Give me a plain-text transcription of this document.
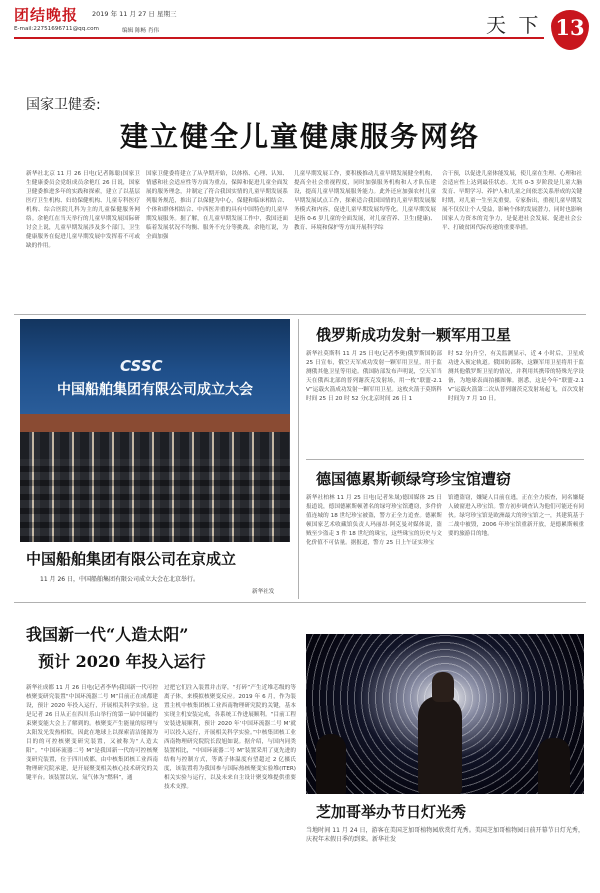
团结晚报 2019 年 11 月 27 日 星期三
E-mail:22751696711@qq.com	编辑 陈畅 肖伟	天 下 13
国家卫健委:
建立健全儿童健康服务网络
新华社北京 11 月 26 日电(记者陈聪)国家卫生健康委员会党组成员余艳红 26 日说，国家卫健委推进多年的实践和探索，建立了以基层医疗卫生机构、妇幼保健机构、儿童专科医疗机构、综合医院儿科为主的儿童保健服务网络。余艳红在当天举行的儿童早期发展国际研讨会上说，儿童早期发展涉及多个部门，卫生健康服务在促进儿童早期发展中发挥着不可或缺的作用。
国家卫健委将建立了从孕期开始，以体格、心理、认知、情感和社会适应性等方面为重点，保障和促进儿童全面发展的服务理念，并制定了符合我国实情的儿童早期发展系列服务规范，推出了以保健为中心，保健和临床相结合、个体和群体相结合、中西医并重的具有中国特色的儿童早期发展服务。据了解，在儿童早期发展工作中，我国还面临着发展状况不均衡、服务不充分等挑战。余艳红说，为全面加强
儿童早期发展工作，要积极推动儿童早期发展健全机构，提高全社会重视程度，同时加强服务机构和人才队伍建设，提高儿童早期发展服务能力。此外还应加强农村儿童早期发展试点工作，探索适合我国国情的儿童早期发展服务模式和内容，促进儿童早期发展均等化。儿童早期发展是指 0-6 岁儿童的全面发展，对儿童营养、卫生(健康)、教育、环境和保护等方面开展科学综
合干预，以促进儿童体能发展，使儿童在生理、心理和社会适应性上达到最佳状态。尤其 0-3 岁阶段是儿童大脑发育、早期学习、养护人和儿童之间依恋关系形成的关键时期，对儿童一生至关重要。专家指出，重视儿童早期发展不仅仅让个人受益，影响个体的发展潜力，同时也影响国家人力资本的竞争力，是促进社会发展、促进社会公平、打破贫困代际传递的重要举措。
CSSC
中国船舶集团有限公司成立大会
中国船舶集团有限公司在京成立
11 月 26 日，中国船舶集团有限公司成立大会在北京举行。
新华社发
俄罗斯成功发射一颗军用卫星
新华社莫斯科 11 月 25 日电(记者李奥)俄罗斯国防部 25 日宣布，俄空天军成功发射一颗军用卫星，用于监测俄其他卫星等用途。俄国防部发布声明说，空天军当天在俄西北部的普列谢茨克发射场，用一枚“联盟-2.1V”运载火箭成功发射一颗军用卫星。这枚火箭于莫斯科时间 25 日 20 时 52 分(北京时间 26 日 1
时 52 分)升空，有关监测显示，近 4 小时后，卫星成功进入预定轨道。俄国防部称，这颗军用卫星将用于监测其他俄罗斯卫星的情况，并利用其携带的特殊光学设备，为地球表面拍摄图像。据悉，这是今年“联盟-2.1V”运载火箭第二次从普列谢茨克发射场起飞，首次发射时间为 7 月 10 日。
德国德累斯顿绿穹珍宝馆遭窃
新华社柏林 11 月 25 日电(记者朱晟)德国媒体 25 日报道说，德国德累斯顿著名的绿穹珍宝馆遭窃，多件价值连城的 18 世纪珍宝被盗，警方正全力追查。德累斯顿国家艺术收藏馆负责人玛丽昂·阿克曼对媒体说，盗贼至少盗走 3 件 18 世纪的珠宝，这些珠宝的历史与文化价值不可估量。据报道，警方 25 日上午证实珍宝
馆遭盗窃，嫌疑人目前在逃，正在全力侦查，同名嫌疑人破窗进入珍宝馆。警方初步调查认为他们可能还有同伙。绿穹珍宝馆是欧洲最大的珍宝馆之一，其建筑基于二战中被毁，2006 年珍宝馆重新开放，是德累斯顿重要的旅游目的地。
我国新一代“人造太阳”
预计 2020 年投入运行
新华社成都 11 月 26 日电(记者李华)我国新一代可控核聚变研究装置“中国环流器二号 M”目前正在成都建设，预计 2020 年投入运行，开展相关科学实验。这是记者 26 日从正在四川乐山举行的第一届中国磁约束聚变能大会上了解到的。核聚变产生能量的原理与太阳发光发热相似，因此在地球上以探索清洁能源为目的的可控核聚变研究装置，又被称为“人造太阳”。“中国环流器二号 M”是我国新一代的可控核聚变研究装置，位于四川成都，由中核集团核工业西南物理研究院承建，是开展聚变相关核心技术研究的关键平台。该装置以氘、氚气体为“燃料”，通
过把它们注入装置并击穿，“打碎”产生近堆芯级的等离子体，来模拟核聚变反应。2019 年 6 月，作为装置主机中核集团核工业西南物理研究院的关键，基本实现主机安装完成，各系统工作进展顺利。“目前工程安装进展顺利，预计 2020 年‘中国环流器二号 M’就可以投入运行，开展相关科学实验。”中核集团核工业西南物理研究院院长段旭如说。据介绍，与国内同类装置相比，“中国环流器二号 M”装置采用了更先进的结构与控制方式，等离子体温度有望超过 2 亿摄氏度，该装置将为我国参与国际热核聚变实验堆(ITER)相关实验与运行，以及未来自主设计聚变堆提供重要技术支撑。
芝加哥举办节日灯光秀
当地时间 11 月 24 日，游客在美国芝加哥植物园欣赏灯光秀。美国芝加哥植物园日前开幕节日灯光秀，庆祝年末假日季的到来。新华社发
